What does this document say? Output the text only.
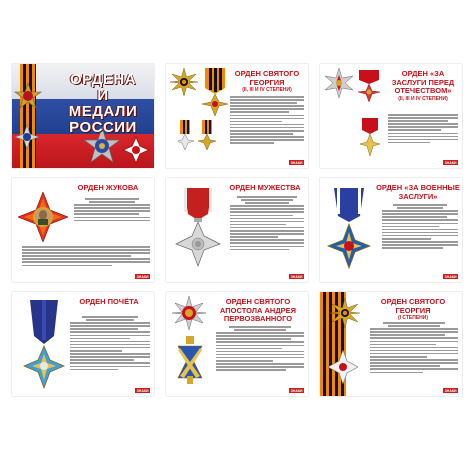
ОРДЕНА
И
МЕДАЛИ
РОССИИ
ОРДЕН СВЯТОГО ГЕОРГИЯ
(II, III И IV СТЕПЕНИ)
ЗНАКИ
ОРДЕН «ЗА ЗАСЛУГИ ПЕРЕД ОТЕЧЕСТВОМ»
(II, III И IV СТЕПЕНИ)
ЗНАКИ
ОРДЕН ЖУКОВА
ЗНАКИ
ОРДЕН МУЖЕСТВА
ЗНАКИ
ОРДЕН «ЗА ВОЕННЫЕ ЗАСЛУГИ»
ЗНАКИ
ОРДЕН ПОЧЁТА
ЗНАКИ
ОРДЕН СВЯТОГО АПОСТОЛА АНДРЕЯ ПЕРВОЗВАННОГО
ЗНАКИ
ОРДЕН СВЯТОГО ГЕОРГИЯ
(I СТЕПЕНИ)
ЗНАКИ
